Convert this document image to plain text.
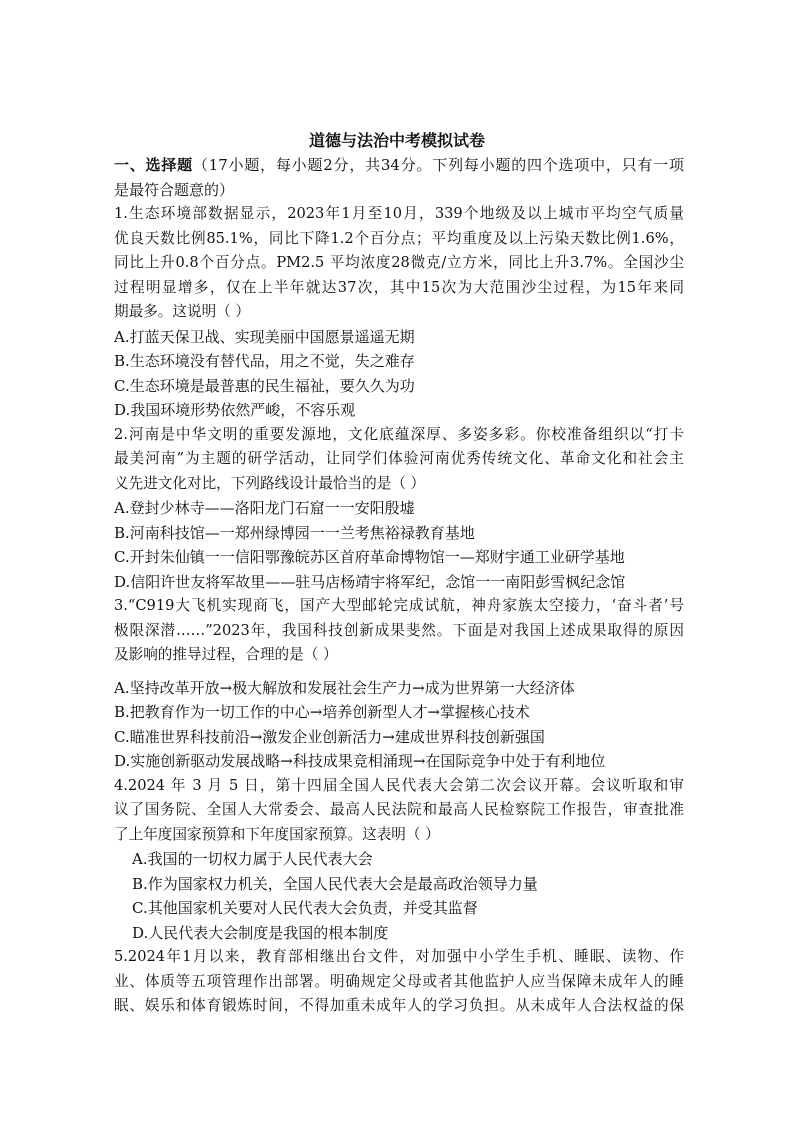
道德与法治中考模拟试卷
一、选择题（17小题，每小题2分，共34分。下列每小题的四个选项中，只有一项
是最符合题意的）
1.生态环境部数据显示，2023年1月至10月，339个地级及以上城市平均空气质量
优良天数比例85.1%，同比下降1.2个百分点；平均重度及以上污染天数比例1.6%，
同比上升0.8个百分点。PM2.5 平均浓度28微克/立方米，同比上升3.7%。全国沙尘
过程明显增多，仅在上半年就达37次，其中15次为大范围沙尘过程，为15年来同
期最多。这说明（ ）
A.打蓝天保卫战、实现美丽中国愿景遥遥无期
B.生态环境没有替代品，用之不觉，失之难存
C.生态环境是最普惠的民生福祉，要久久为功
D.我国环境形势依然严峻，不容乐观
2.河南是中华文明的重要发源地，文化底蕴深厚、多姿多彩。你校准备组织以“打卡
最美河南”为主题的研学活动，让同学们体验河南优秀传统文化、革命文化和社会主
义先进文化对比，下列路线设计最恰当的是（ ）
A.登封少林寺——洛阳龙门石窟一一安阳殷墟
B.河南科技馆—一郑州绿博园一一兰考焦裕禄教育基地
C.开封朱仙镇一一信阳鄂豫皖苏区首府革命博物馆一—郑财宇通工业研学基地
D.信阳许世友将军故里——驻马店杨靖宇将军纪，念馆一一南阳彭雪枫纪念馆
3.“C919大飞机实现商飞，国产大型邮轮完成试航，神舟家族太空接力，‘奋斗者’号
极限深潜……”2023年，我国科技创新成果斐然。下面是对我国上述成果取得的原因
及影响的推导过程，合理的是（ ）
A.坚持改革开放→极大解放和发展社会生产力→成为世界第一大经济体
B.把教育作为一切工作的中心→培养创新型人才→掌握核心技术
C.瞄准世界科技前沿→激发企业创新活力→建成世界科技创新强国
D.实施创新驱动发展战略→科技成果竞相涌现→在国际竞争中处于有利地位
4.2024 年 3 月 5 日，第十四届全国人民代表大会第二次会议开幕。会议听取和审
议了国务院、全国人大常委会、最高人民法院和最高人民检察院工作报告，审查批准
了上年度国家预算和下年度国家预算。这表明（ ）
A.我国的一切权力属于人民代表大会
B.作为国家权力机关，全国人民代表大会是最高政治领导力量
C.其他国家机关要对人民代表大会负责，并受其监督
D.人民代表大会制度是我国的根本制度
5.2024年1月以来，教育部相继出台文件，对加强中小学生手机、睡眠、读物、作
业、体质等五项管理作出部署。明确规定父母或者其他监护人应当保障未成年人的睡
眠、娱乐和体育锻炼时间，不得加重未成年人的学习负担。从未成年人合法权益的保
